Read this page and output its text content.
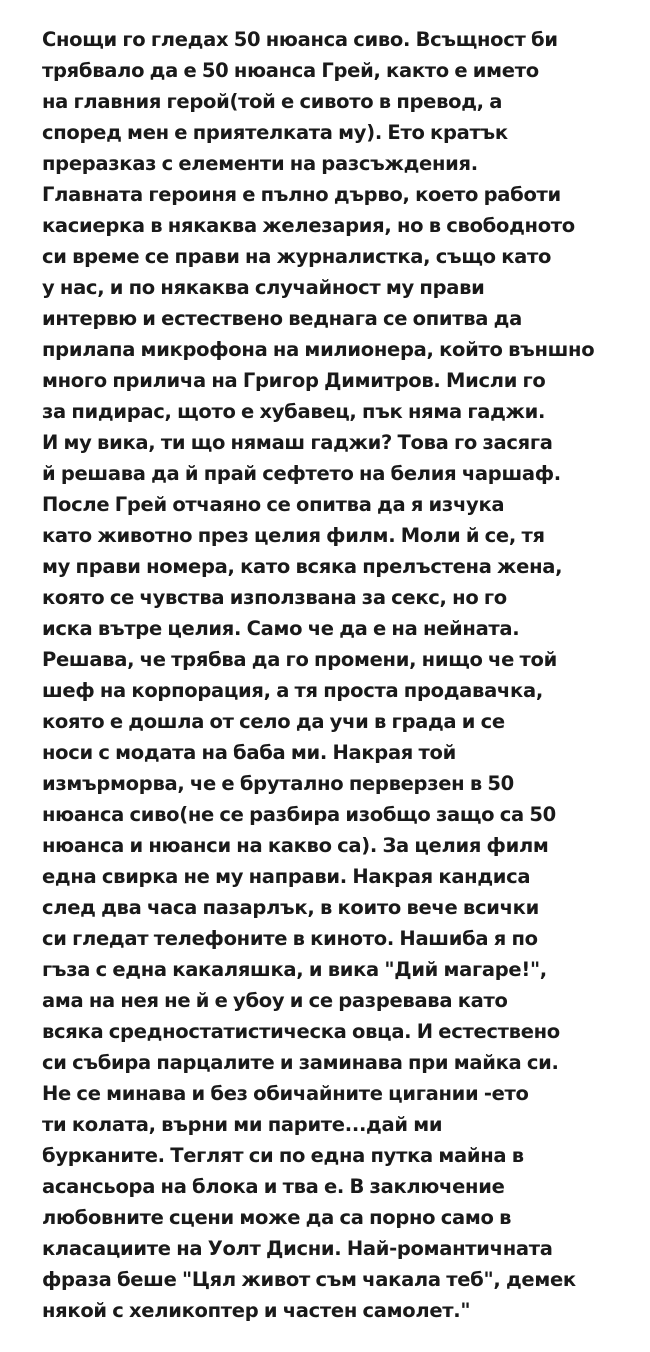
Снощи го гледах 50 нюанса сиво. Всъщност би
трябвало да е 50 нюанса Грей, както е името
на главния герой(той е сивото в превод, а
според мен е приятелката му). Ето кратък
преразказ с елементи на разсъждения.
Главната героиня е пълно дърво, което работи
касиерка в някаква железария, но в свободното
си време се прави на журналистка, също като
у нас, и по някаква случайност му прави
интервю и естествено веднага се опитва да
прилапа микрофона на милионера, който външно
много прилича на Григор Димитров. Мисли го
за пидирас, щото е хубавец, пък няма гаджи.
И му вика, ти що нямаш гаджи? Това го засяга
й решава да й прай сефтето на белия чаршаф.
После Грей отчаяно се опитва да я изчука
като животно през целия филм. Моли й се, тя
му прави номера, като всяка прелъстена жена,
която се чувства използвана за секс, но го
иска вътре целия. Само че да е на нейната.
Решава, че трябва да го промени, нищо че той
шеф на корпорация, а тя проста продавачка,
която е дошла от село да учи в града и се
носи с модата на баба ми. Накрая той
измърморва, че е брутално перверзен в 50
нюанса сиво(не се разбира изобщо защо са 50
нюанса и нюанси на какво са). За целия филм
една свирка не му направи. Накрая кандиса
след два часа пазарлък, в които вече всички
си гледат телефоните в киното. Нашиба я по
гъза с една какаляшка, и вика "Дий магаре!",
ама на нея не й е убоу и се разревава като
всяка средностатистическа овца. И естествено
си събира парцалите и заминава при майка си.
Не се минава и без обичайните цигании -ето
ти колата, върни ми парите...дай ми
бурканите. Теглят си по една путка майна в
асансьора на блока и тва е. В заключение
любовните сцени може да са порно само в
класациите на Уолт Дисни. Най-романтичната
фраза беше "Цял живот съм чакала теб", демек
някой с хеликоптер и частен самолет."
